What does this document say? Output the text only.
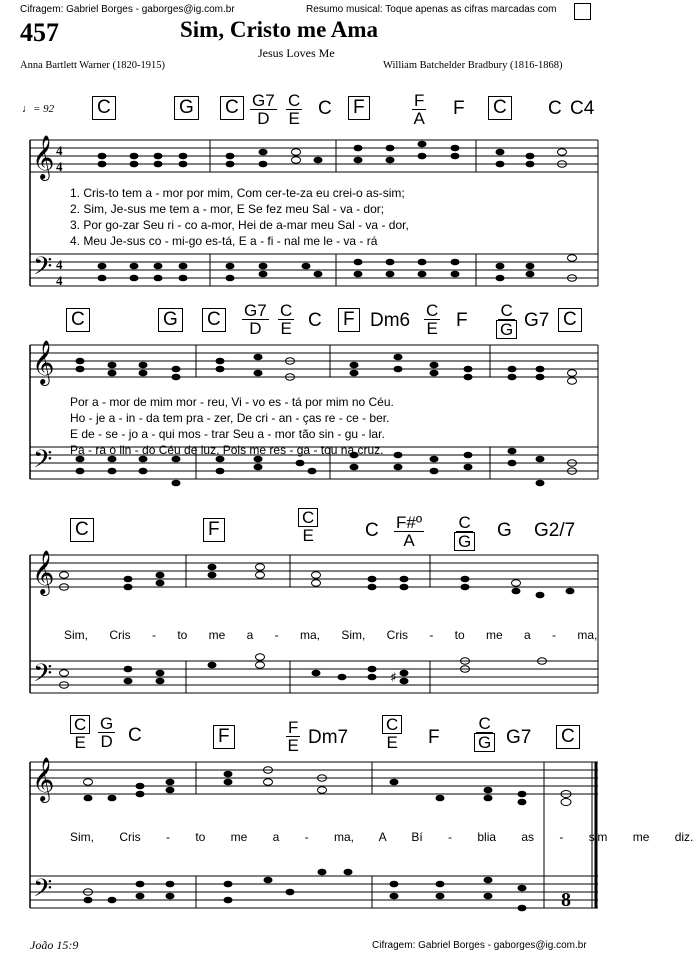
Cifragem: Gabriel Borges - gaborges@ig.com.br	Resumo musical: Toque apenas as cifras marcadas com
457	Sim, Cristo me Ama
Jesus Loves Me
Anna Bartlett Warner (1820-1915)	William Batchelder Bradbury (1816-1868)
♩= 92 C	G C $\frac{G7}{D} \frac{C}{E}$ C F	$\frac{F}{A}$ F C C C4
𝄞 4
4
𝄢 4
4
1. Cris-to tem a - mor por mim, Com cer-te-za eu crei-o as-sim;
2. Sim, Je-sus me tem a - mor, E Se fez meu Sal - va - dor;
3. Por go-zar Seu ri - co a-mor, Hei de a-mar meu Sal - va - dor,
4. Meu Je-sus co - mi-go es-tá, E a - fi - nal me le - va - rá
C	G C $\frac{G7}{D} \frac{C}{E}$ C F $Dm6 \frac{C}{E}$ F $\frac{C}{G} G7$ C
𝄞
𝄢
Por a - mor de mim mor - reu, Vi - vo es - tá por mim no Céu.
Ho - je a - in - da tem pra - zer, De cri - an - ças re - ce - ber.
E de - se - jo a - qui mos - trar Seu a - mor tão sin - gu - lar.
Pa - ra o lin - do Céu de luz, Pois me res - ga - tou na cruz.
C	F	$\frac{C}{E}$ C $\frac{\text{F\#º}}{A} \frac{C}{G}$ G G2/7
𝄞
𝄢	♯
Sim, Cris - to me a - ma, Sim, Cris - to me a - ma,
$\frac{C}{E} \frac{G}{D}$ C	F	$\frac{F}{E} Dm7 \frac{C}{E}$ F $\frac{C}{G} G7$ C
𝄞
𝄢	8
Sim, Cris - to me a - ma, A Bí - blia as - sim me diz.
João 15:9	Cifragem: Gabriel Borges - gaborges@ig.com.br
